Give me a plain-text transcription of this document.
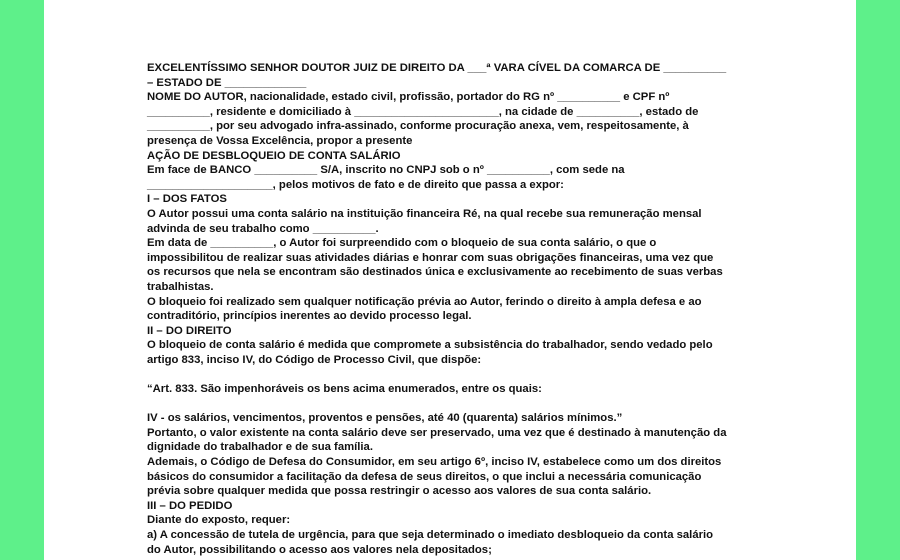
EXCELENTÍSSIMO SENHOR DOUTOR JUIZ DE DIREITO DA ___ª VARA CÍVEL DA COMARCA DE __________
– ESTADO DE _____________
NOME DO AUTOR, nacionalidade, estado civil, profissão, portador do RG nº __________ e CPF nº
__________, residente e domiciliado à _______________________, na cidade de __________, estado de
__________, por seu advogado infra-assinado, conforme procuração anexa, vem, respeitosamente, à
presença de Vossa Excelência, propor a presente
AÇÃO DE DESBLOQUEIO DE CONTA SALÁRIO
Em face de BANCO __________ S/A, inscrito no CNPJ sob o nº __________, com sede na
____________________, pelos motivos de fato e de direito que passa a expor:
I – DOS FATOS
O Autor possui uma conta salário na instituição financeira Ré, na qual recebe sua remuneração mensal
advinda de seu trabalho como __________.
Em data de __________, o Autor foi surpreendido com o bloqueio de sua conta salário, o que o
impossibilitou de realizar suas atividades diárias e honrar com suas obrigações financeiras, uma vez que
os recursos que nela se encontram são destinados única e exclusivamente ao recebimento de suas verbas
trabalhistas.
O bloqueio foi realizado sem qualquer notificação prévia ao Autor, ferindo o direito à ampla defesa e ao
contraditório, princípios inerentes ao devido processo legal.
II – DO DIREITO
O bloqueio de conta salário é medida que compromete a subsistência do trabalhador, sendo vedado pelo
artigo 833, inciso IV, do Código de Processo Civil, que dispõe:
“Art. 833. São impenhoráveis os bens acima enumerados, entre os quais:
IV - os salários, vencimentos, proventos e pensões, até 40 (quarenta) salários mínimos.”
Portanto, o valor existente na conta salário deve ser preservado, uma vez que é destinado à manutenção da
dignidade do trabalhador e de sua família.
Ademais, o Código de Defesa do Consumidor, em seu artigo 6º, inciso IV, estabelece como um dos direitos
básicos do consumidor a facilitação da defesa de seus direitos, o que inclui a necessária comunicação
prévia sobre qualquer medida que possa restringir o acesso aos valores de sua conta salário.
III – DO PEDIDO
Diante do exposto, requer:
a) A concessão de tutela de urgência, para que seja determinado o imediato desbloqueio da conta salário
do Autor, possibilitando o acesso aos valores nela depositados;
